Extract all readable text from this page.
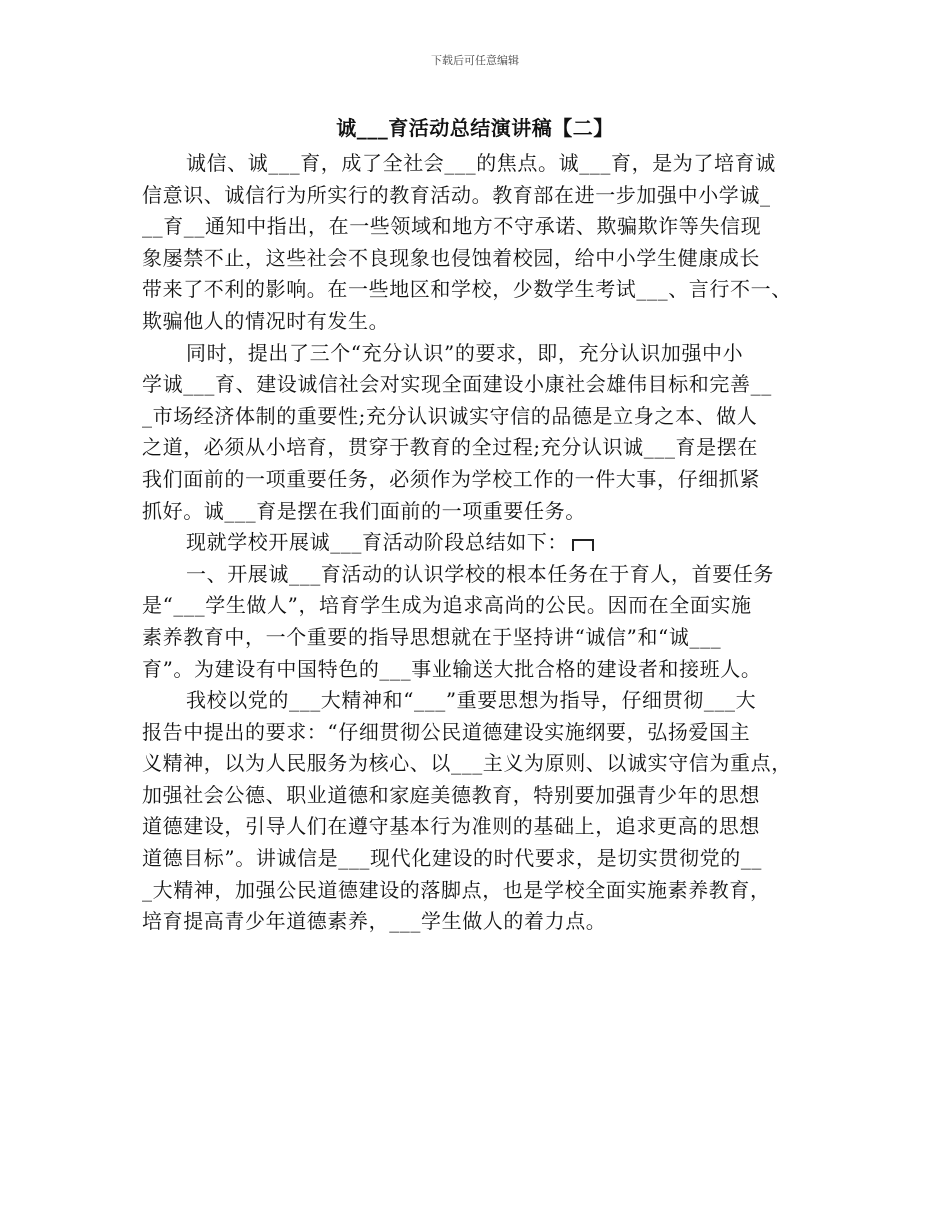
下载后可任意编辑
诚___育活动总结演讲稿【二】
诚信、诚___育，成了全社会___的焦点。诚___育，是为了培育诚
信意识、诚信行为所实行的教育活动。教育部在进一步加强中小学诚_
__育__通知中指出，在一些领域和地方不守承诺、欺骗欺诈等失信现
象屡禁不止，这些社会不良现象也侵蚀着校园，给中小学生健康成长
带来了不利的影响。在一些地区和学校，少数学生考试___、言行不一、
欺骗他人的情况时有发生。
同时，提出了三个“充分认识”的要求，即，充分认识加强中小
学诚___育、建设诚信社会对实现全面建设小康社会雄伟目标和完善__
_市场经济体制的重要性;充分认识诚实守信的品德是立身之本、做人
之道，必须从小培育，贯穿于教育的全过程;充分认识诚___育是摆在
我们面前的一项重要任务，必须作为学校工作的一件大事，仔细抓紧
抓好。诚___育是摆在我们面前的一项重要任务。
现就学校开展诚___育活动阶段总结如下：
一、开展诚___育活动的认识学校的根本任务在于育人，首要任务
是“___学生做人”，培育学生成为追求高尚的公民。因而在全面实施
素养教育中，一个重要的指导思想就在于坚持讲“诚信”和“诚___
育”。为建设有中国特色的___事业输送大批合格的建设者和接班人。
我校以党的___大精神和“___”重要思想为指导，仔细贯彻___大
报告中提出的要求：“仔细贯彻公民道德建设实施纲要，弘扬爱国主
义精神，以为人民服务为核心、以___主义为原则、以诚实守信为重点，
加强社会公德、职业道德和家庭美德教育，特别要加强青少年的思想
道德建设，引导人们在遵守基本行为准则的基础上，追求更高的思想
道德目标”。讲诚信是___现代化建设的时代要求，是切实贯彻党的__
_大精神，加强公民道德建设的落脚点，也是学校全面实施素养教育，
培育提高青少年道德素养，___学生做人的着力点。
